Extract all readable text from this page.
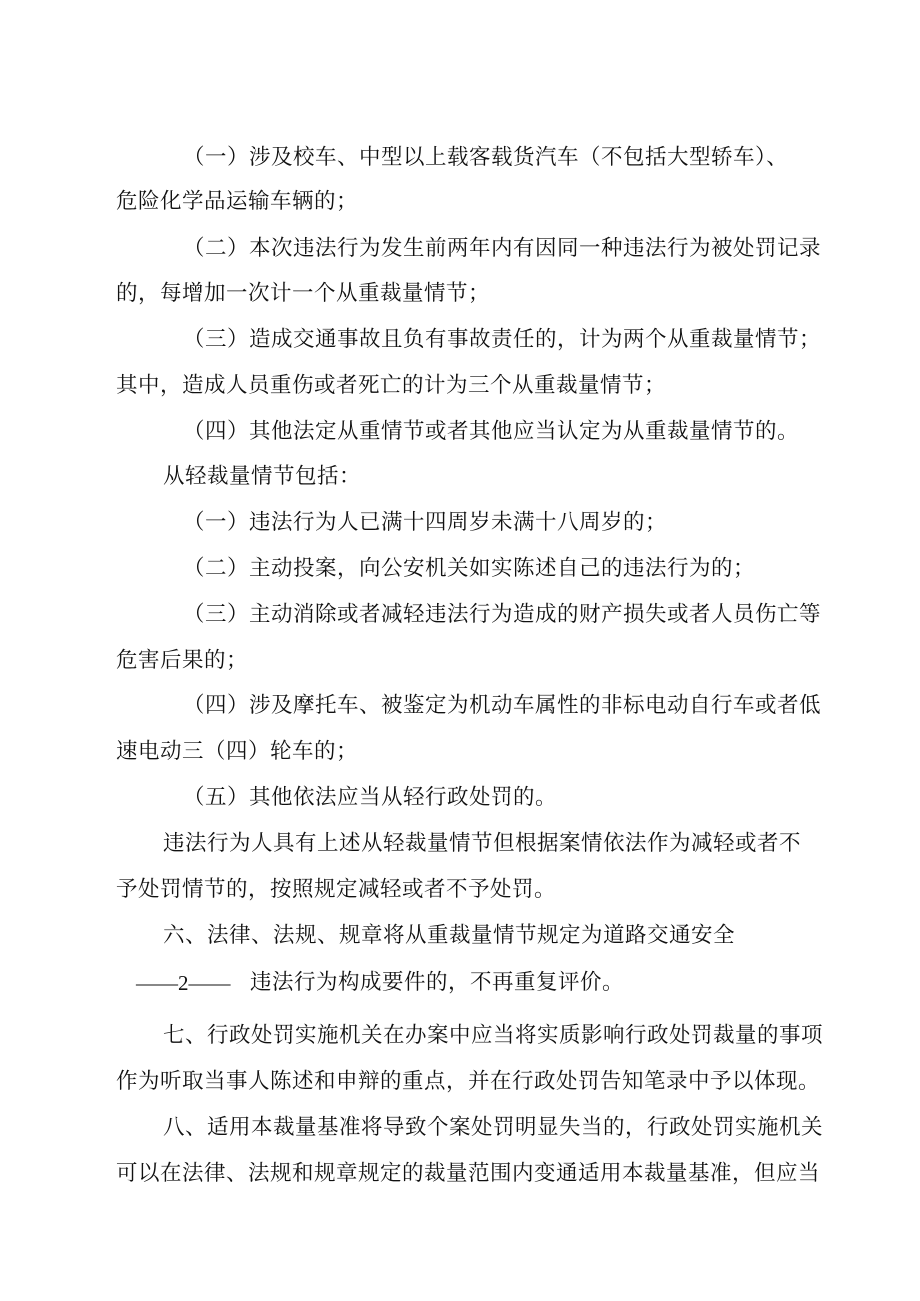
（一）涉及校车、中型以上载客载货汽车（不包括大型轿车）、
危险化学品运输车辆的；
（二）本次违法行为发生前两年内有因同一种违法行为被处罚记录
的，每增加一次计一个从重裁量情节；
（三）造成交通事故且负有事故责任的，计为两个从重裁量情节；
其中，造成人员重伤或者死亡的计为三个从重裁量情节；
（四）其他法定从重情节或者其他应当认定为从重裁量情节的。
从轻裁量情节包括：
（一）违法行为人已满十四周岁未满十八周岁的；
（二）主动投案，向公安机关如实陈述自己的违法行为的；
（三）主动消除或者减轻违法行为造成的财产损失或者人员伤亡等
危害后果的；
（四）涉及摩托车、被鉴定为机动车属性的非标电动自行车或者低
速电动三（四）轮车的；
（五）其他依法应当从轻行政处罚的。
违法行为人具有上述从轻裁量情节但根据案情依法作为减轻或者不
予处罚情节的，按照规定减轻或者不予处罚。
六、法律、法规、规章将从重裁量情节规定为道路交通安全
——2—— 违法行为构成要件的，不再重复评价。
七、行政处罚实施机关在办案中应当将实质影响行政处罚裁量的事项
作为听取当事人陈述和申辩的重点，并在行政处罚告知笔录中予以体现。
八、适用本裁量基准将导致个案处罚明显失当的，行政处罚实施机关
可以在法律、法规和规章规定的裁量范围内变通适用本裁量基准，但应当
